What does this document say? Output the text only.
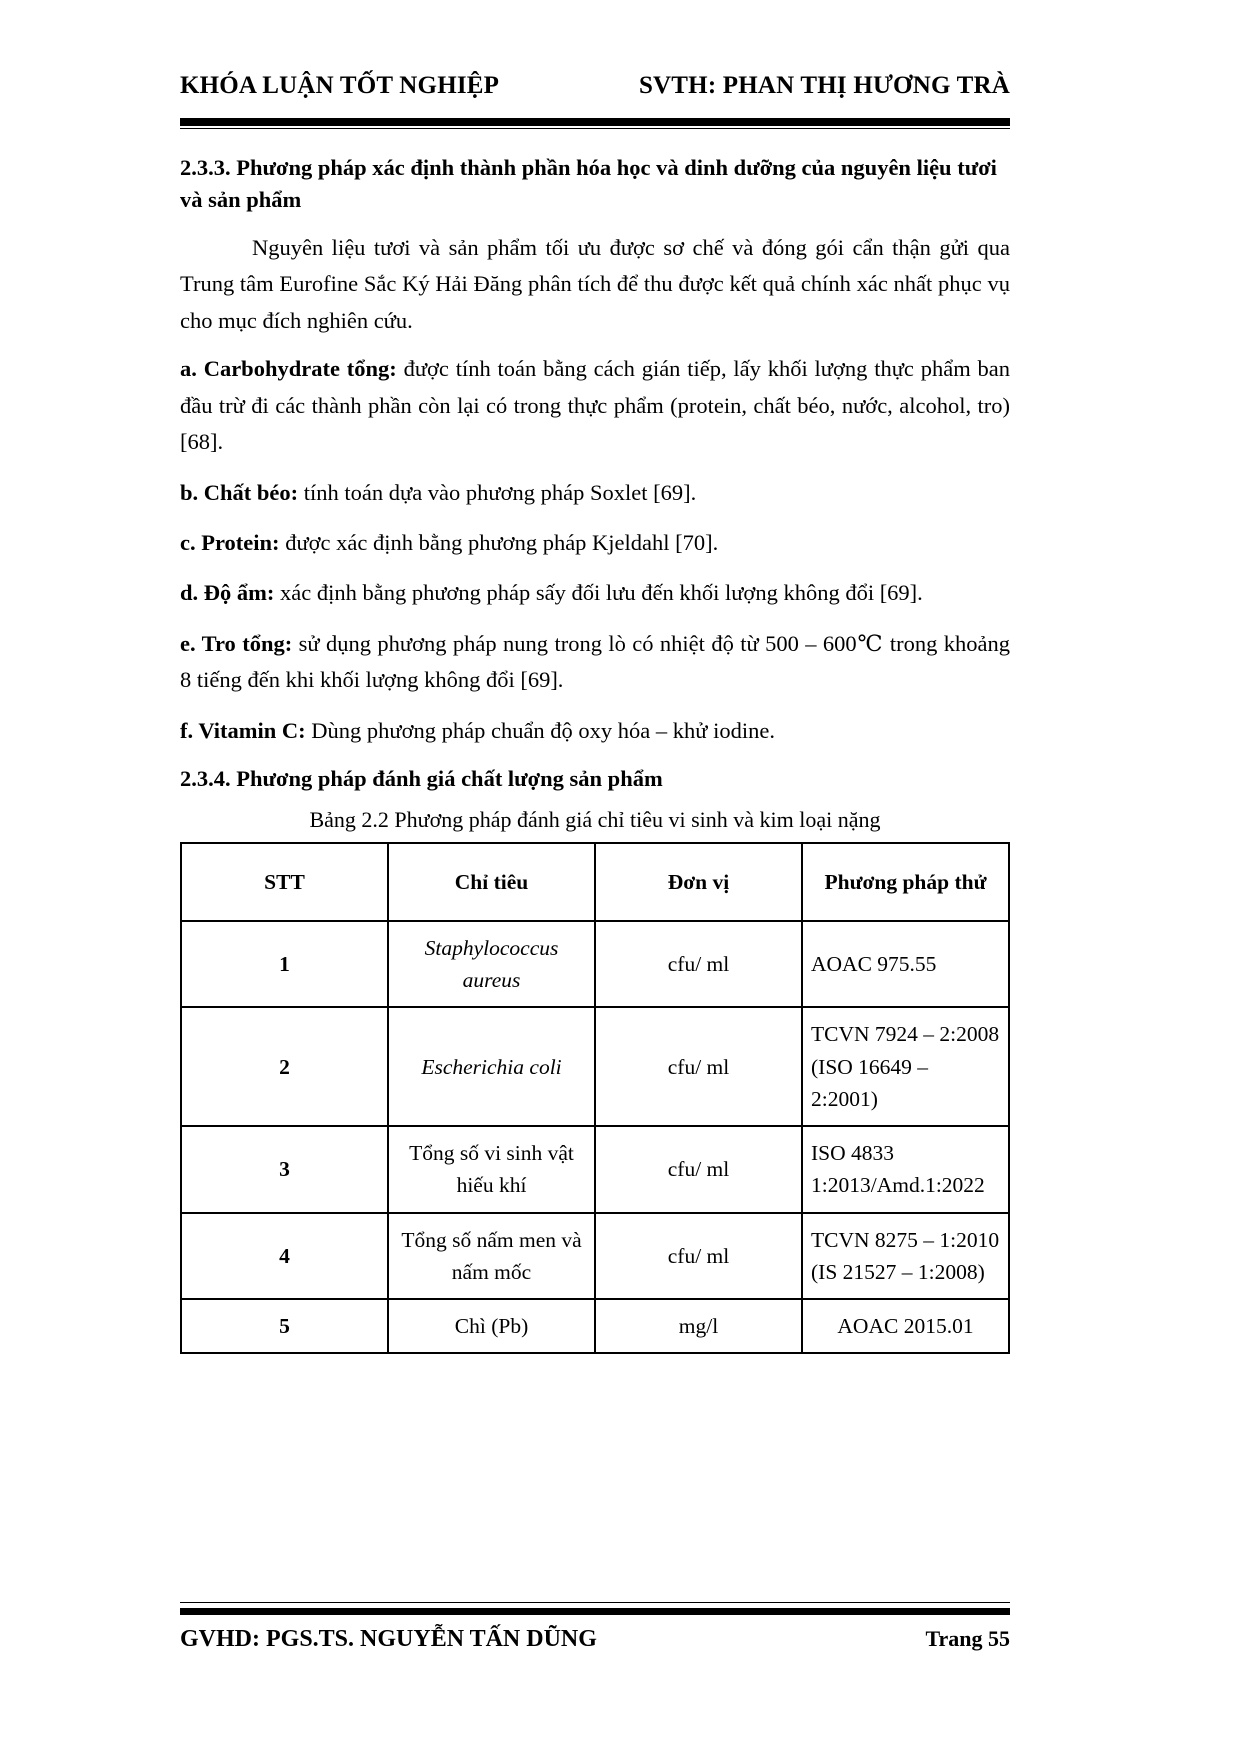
KHÓA LUẬN TỐT NGHIỆP	SVTH: PHAN THỊ HƯƠNG TRÀ
2.3.3. Phương pháp xác định thành phần hóa học và dinh dưỡng của nguyên liệu tươi và sản phẩm

Nguyên liệu tươi và sản phẩm tối ưu được sơ chế và đóng gói cẩn thận gửi qua Trung tâm Eurofine Sắc Ký Hải Đăng phân tích để thu được kết quả chính xác nhất phục vụ cho mục đích nghiên cứu.

a. Carbohydrate tổng: được tính toán bằng cách gián tiếp, lấy khối lượng thực phẩm ban đầu trừ đi các thành phần còn lại có trong thực phẩm (protein, chất béo, nước, alcohol, tro) [68].

b. Chất béo: tính toán dựa vào phương pháp Soxlet [69].

c. Protein: được xác định bằng phương pháp Kjeldahl [70].

d. Độ ẩm: xác định bằng phương pháp sấy đối lưu đến khối lượng không đổi [69].

e. Tro tổng: sử dụng phương pháp nung trong lò có nhiệt độ từ 500 – 600℃ trong khoảng 8 tiếng đến khi khối lượng không đổi [69].

f. Vitamin C: Dùng phương pháp chuẩn độ oxy hóa – khử iodine.

2.3.4. Phương pháp đánh giá chất lượng sản phẩm
Bảng 2.2 Phương pháp đánh giá chỉ tiêu vi sinh và kim loại nặng
STT	Chỉ tiêu	Đơn vị	Phương pháp thử
1	Staphylococcus aureus	cfu/ ml	AOAC 975.55
2	Escherichia coli	cfu/ ml	TCVN 7924 – 2:2008 (ISO 16649 – 2:2001)
3	Tổng số vi sinh vật hiếu khí	cfu/ ml	ISO 4833 1:2013/Amd.1:2022
4	Tổng số nấm men và nấm mốc	cfu/ ml	TCVN 8275 – 1:2010 (IS 21527 – 1:2008)
5	Chì (Pb)	mg/l	AOAC 2015.01
GVHD: PGS.TS. NGUYỄN TẤN DŨNG	Trang 55
